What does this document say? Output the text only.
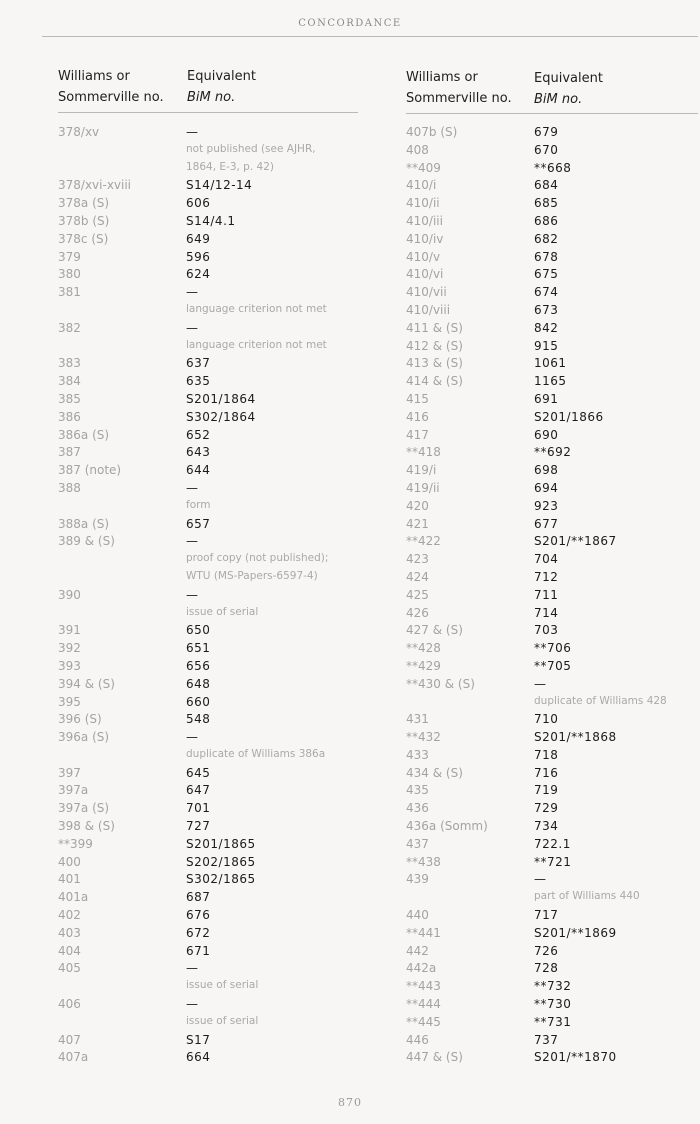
CONCORDANCE
Williams or
Sommerville no.
Equivalent
BiM no.
Williams or
Sommerville no.
Equivalent
BiM no.
378/xv	—
not published (see AJHR,
1864, E-3, p. 42)
378/xvi-xviii	S14/12-14
378a (S)	606
378b (S)	S14/4.1
378c (S)	649
379	596
380	624
381	—
language criterion not met
382	—
language criterion not met
383	637
384	635
385	S201/1864
386	S302/1864
386a (S)	652
387	643
387 (note)	644
388	—
form
388a (S)	657
389 & (S)	—
proof copy (not published);
WTU (MS-Papers-6597-4)
390	—
issue of serial
391	650
392	651
393	656
394 & (S)	648
395	660
396 (S)	548
396a (S)	—
duplicate of Williams 386a
397	645
397a	647
397a (S)	701
398 & (S)	727
**399	S201/1865
400	S202/1865
401	S302/1865
401a	687
402	676
403	672
404	671
405	—
issue of serial
406	—
issue of serial
407	S17
407a	664
407b (S)	679
408	670
**409	**668
410/i	684
410/ii	685
410/iii	686
410/iv	682
410/v	678
410/vi	675
410/vii	674
410/viii	673
411 & (S)	842
412 & (S)	915
413 & (S)	1061
414 & (S)	1165
415	691
416	S201/1866
417	690
**418	**692
419/i	698
419/ii	694
420	923
421	677
**422	S201/**1867
423	704
424	712
425	711
426	714
427 & (S)	703
**428	**706
**429	**705
**430 & (S)	—
duplicate of Williams 428
431	710
**432	S201/**1868
433	718
434 & (S)	716
435	719
436	729
436a (Somm)	734
437	722.1
**438	**721
439	—
part of Williams 440
440	717
**441	S201/**1869
442	726
442a	728
**443	**732
**444	**730
**445	**731
446	737
447 & (S)	S201/**1870
870
